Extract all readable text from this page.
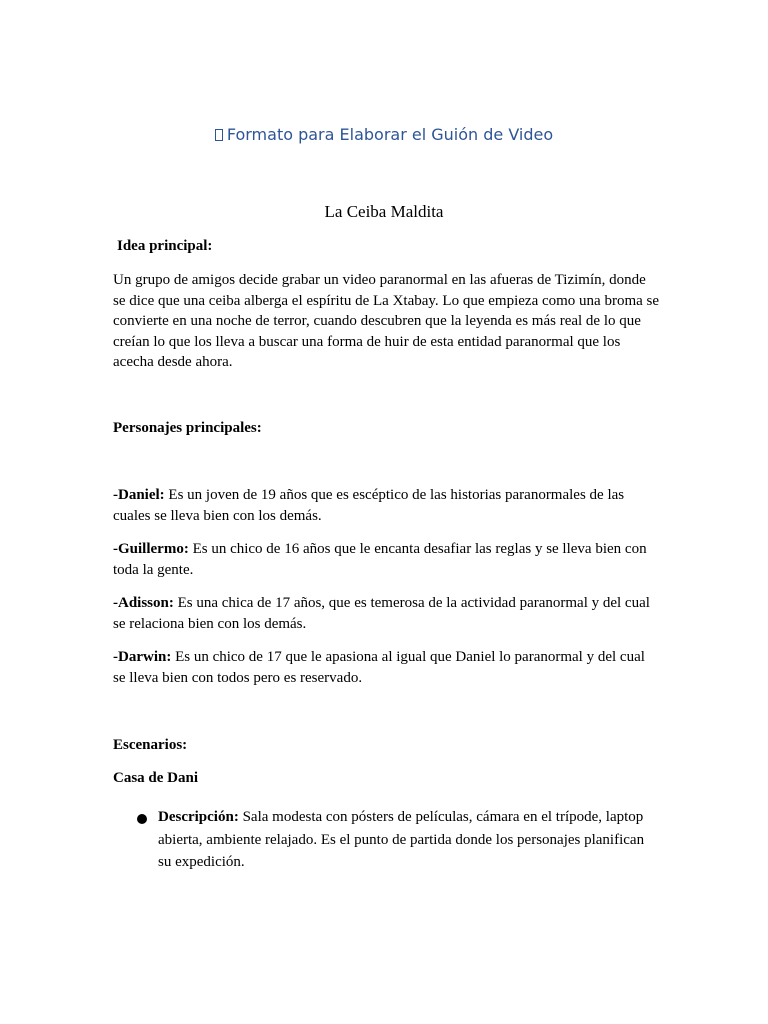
Formato para Elaborar el Guión de Video
La Ceiba Maldita
Idea principal:
Un grupo de amigos decide grabar un video paranormal en las afueras de Tizimín, donde se dice que una ceiba alberga el espíritu de La Xtabay. Lo que empieza como una broma se convierte en una noche de terror, cuando descubren que la leyenda es más real de lo que creían lo que los lleva a buscar una forma de huir de esta entidad paranormal que los acecha desde ahora.
Personajes principales:
-Daniel: Es un joven de 19 años que es escéptico de las historias paranormales de las cuales se lleva bien con los demás.
-Guillermo: Es un chico de 16 años que le encanta desafiar las reglas y se lleva bien con toda la gente.
-Adisson: Es una chica de 17 años, que es temerosa de la actividad paranormal y del cual se relaciona bien con los demás.
-Darwin: Es un chico de 17 que le apasiona al igual que Daniel lo paranormal y del cual se lleva bien con todos pero es reservado.
Escenarios:
Casa de Dani
Descripción: Sala modesta con pósters de películas, cámara en el trípode, laptop abierta, ambiente relajado. Es el punto de partida donde los personajes planifican su expedición.
